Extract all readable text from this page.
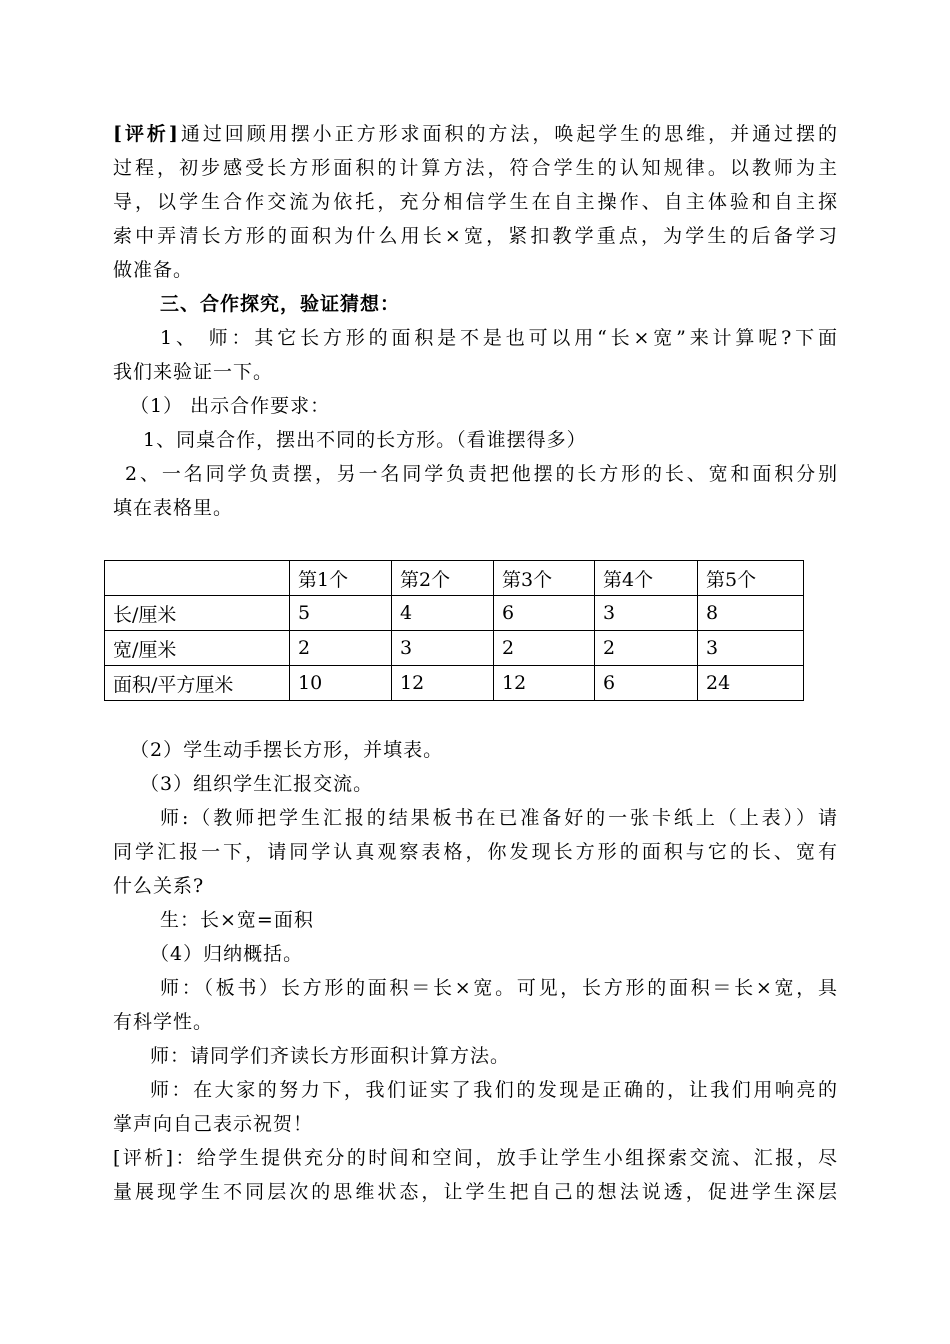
[评析]通过回顾用摆小正方形求面积的方法，唤起学生的思维，并通过摆的
过程，初步感受长方形面积的计算方法，符合学生的认知规律。以教师为主
导，以学生合作交流为依托，充分相信学生在自主操作、自主体验和自主探
索中弄清长方形的面积为什么用长×宽，紧扣教学重点，为学生的后备学习
做准备。
三、合作探究，验证猜想：
1、 师：其它长方形的面积是不是也可以用“长×宽”来计算呢?下面
我们来验证一下。
（1） 出示合作要求：
1、同桌合作，摆出不同的长方形。（看谁摆得多）
2、一名同学负责摆，另一名同学负责把他摆的长方形的长、宽和面积分别
填在表格里。
	第1个	第2个	第3个	第4个	第5个
长/厘米	5	4	6	3	8
宽/厘米	2	3	2	2	3
面积/平方厘米	10	12	12	6	24
（2）学生动手摆长方形，并填表。
（3）组织学生汇报交流。
师:（教师把学生汇报的结果板书在已准备好的一张卡纸上（上表））请
同学汇报一下，请同学认真观察表格，你发现长方形的面积与它的长、宽有
什么关系?
生：长×宽=面积
（4）归纳概括。
师：（板书）长方形的面积＝长×宽。可见，长方形的面积＝长×宽，具
有科学性。
师：请同学们齐读长方形面积计算方法。
师：在大家的努力下，我们证实了我们的发现是正确的，让我们用响亮的
掌声向自己表示祝贺！
[评析]：给学生提供充分的时间和空间，放手让学生小组探索交流、汇报，尽
量展现学生不同层次的思维状态，让学生把自己的想法说透，促进学生深层
